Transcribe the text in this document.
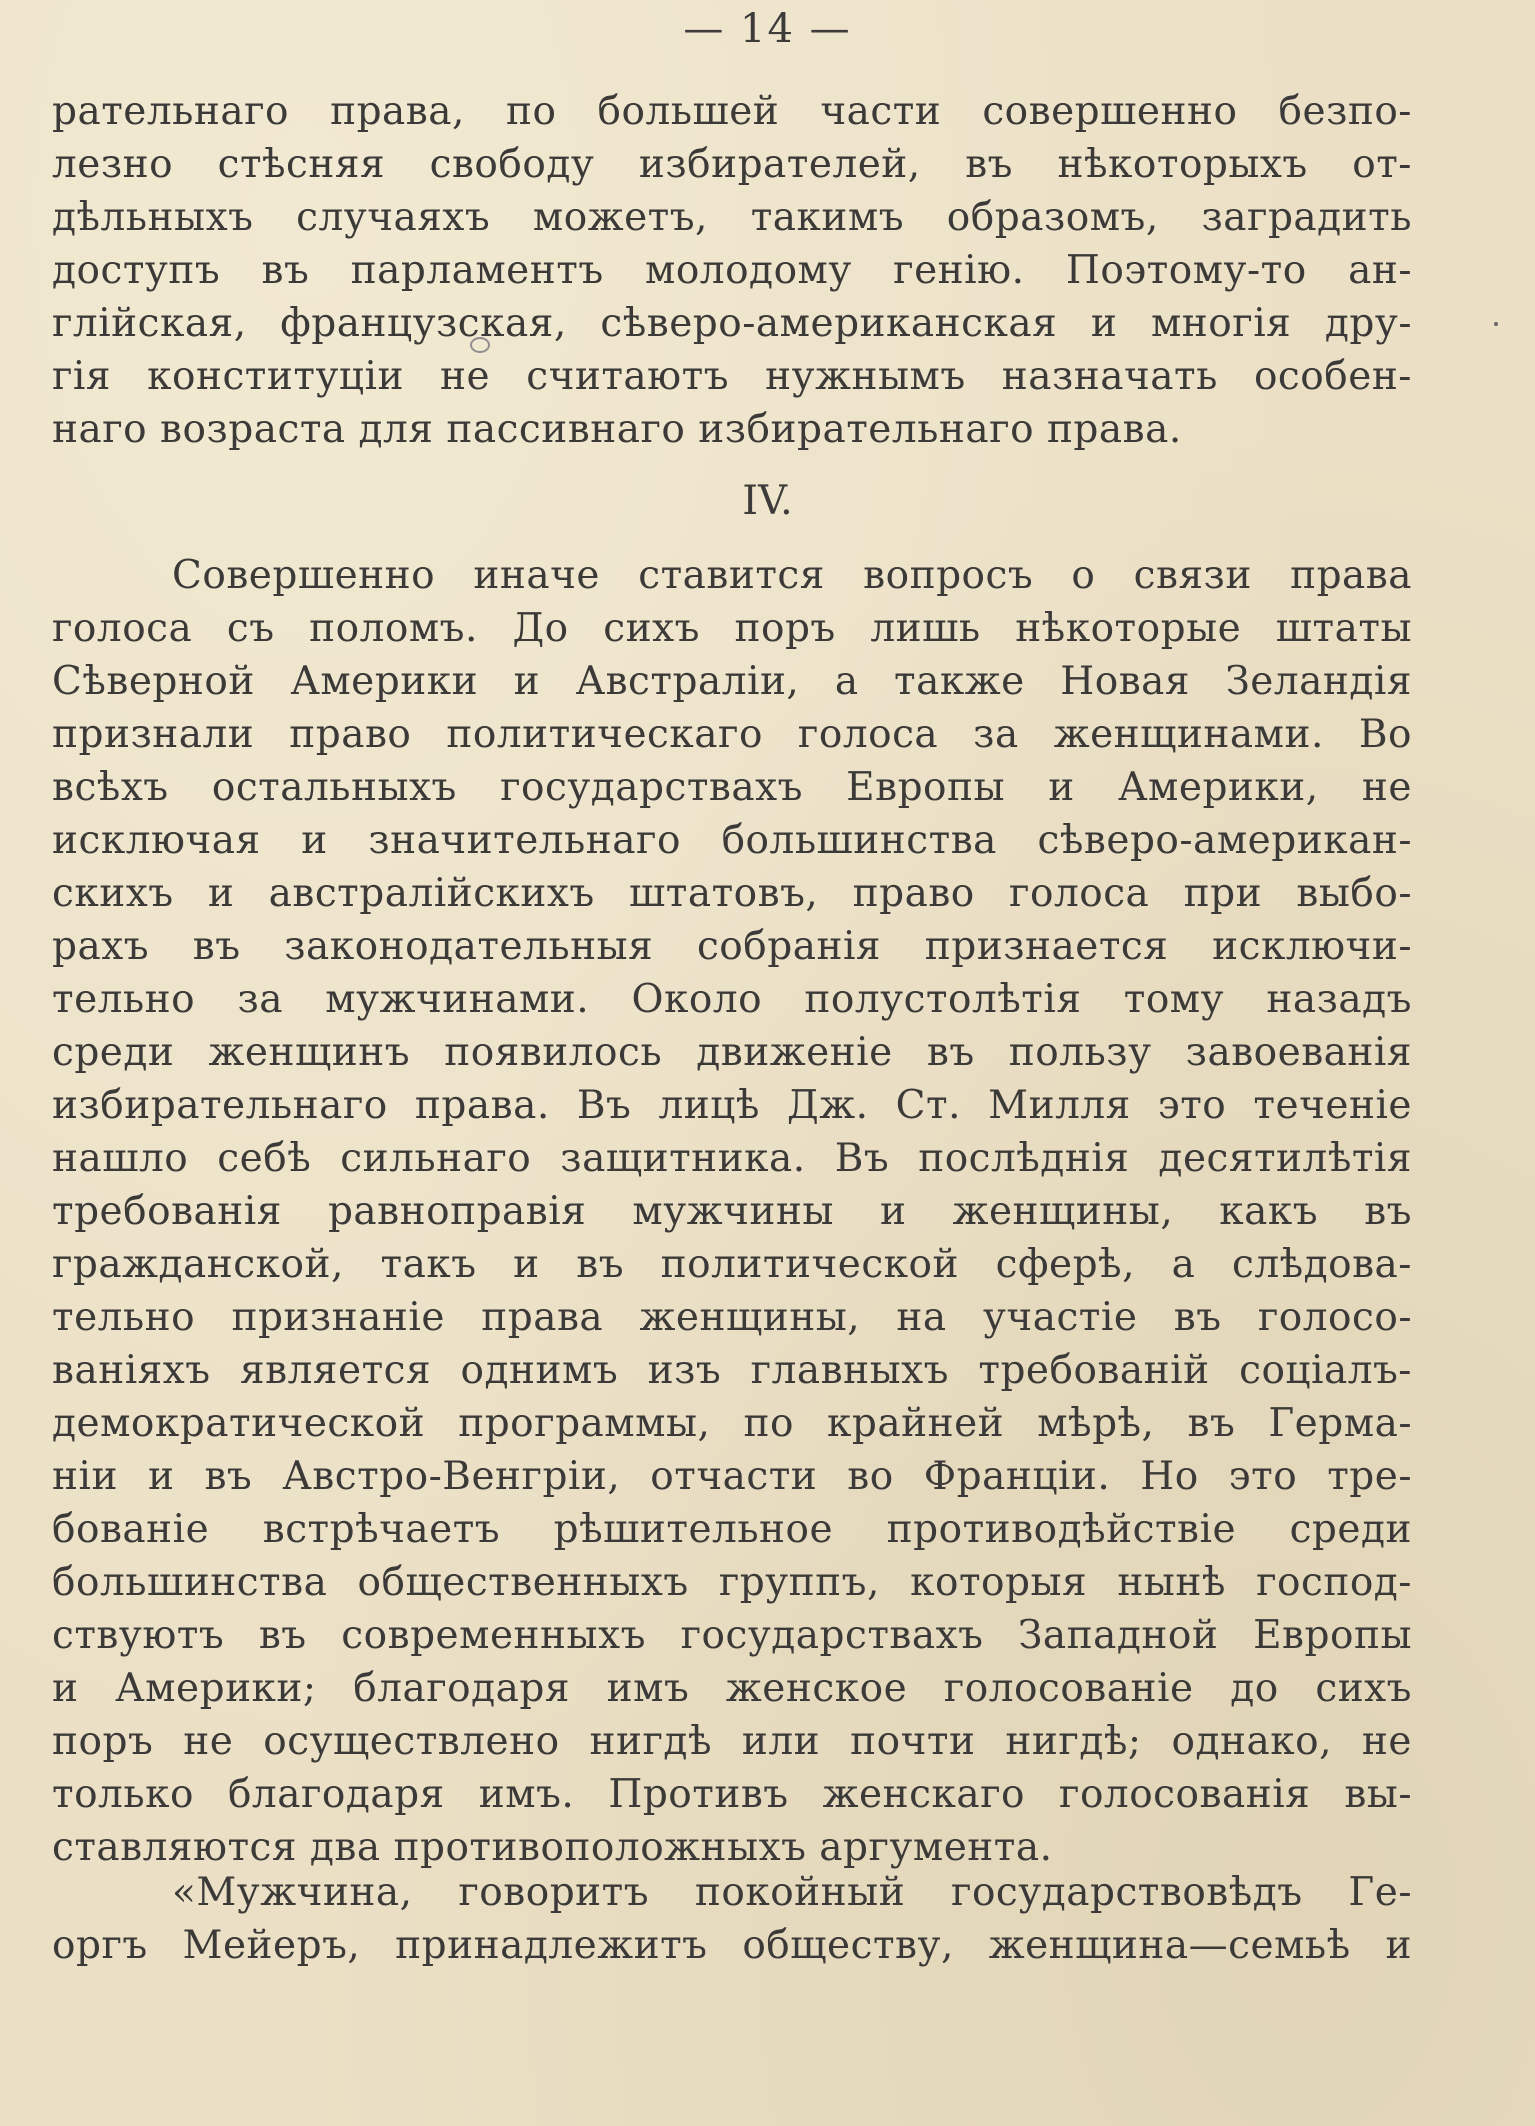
— 14 —
рательнаго права, по большей части совершенно безпо-
лезно стѣсняя свободу избирателей, въ нѣкоторыхъ от-
дѣльныхъ случаяхъ можетъ, такимъ образомъ, заградить
доступъ въ парламентъ молодому генію. Поэтому-то ан-
глійская, французская, сѣверо-американская и многія дру-
гія конституціи не считаютъ нужнымъ назначать особен-
наго возраста для пассивнаго избирательнаго права.
IV.
Совершенно иначе ставится вопросъ о связи права
голоса съ поломъ. До сихъ поръ лишь нѣкоторые штаты
Сѣверной Америки и Австраліи, а также Новая Зеландія
признали право политическаго голоса за женщинами. Во
всѣхъ остальныхъ государствахъ Европы и Америки, не
исключая и значительнаго большинства сѣверо-американ-
скихъ и австралійскихъ штатовъ, право голоса при выбо-
рахъ въ законодательныя собранія признается исключи-
тельно за мужчинами. Около полустолѣтія тому назадъ
среди женщинъ появилось движеніе въ пользу завоеванія
избирательнаго права. Въ лицѣ Дж. Ст. Милля это теченіе
нашло себѣ сильнаго защитника. Въ послѣднія десятилѣтія
требованія равноправія мужчины и женщины, какъ въ
гражданской, такъ и въ политической сферѣ, а слѣдова-
тельно признаніе права женщины, на участіе въ голосо-
ваніяхъ является однимъ изъ главныхъ требованій соціалъ-
демократической программы, по крайней мѣрѣ, въ Герма-
ніи и въ Австро-Венгріи, отчасти во Франціи. Но это тре-
бованіе встрѣчаетъ рѣшительное противодѣйствіе среди
большинства общественныхъ группъ, которыя нынѣ господ-
ствуютъ въ современныхъ государствахъ Западной Европы
и Америки; благодаря имъ женское голосованіе до сихъ
поръ не осуществлено нигдѣ или почти нигдѣ; однако, не
только благодаря имъ. Противъ женскаго голосованія вы-
ставляются два противоположныхъ аргумента.
«Мужчина, говоритъ покойный государствовѣдъ Ге-
оргъ Мейеръ, принадлежитъ обществу, женщина—семьѣ и
